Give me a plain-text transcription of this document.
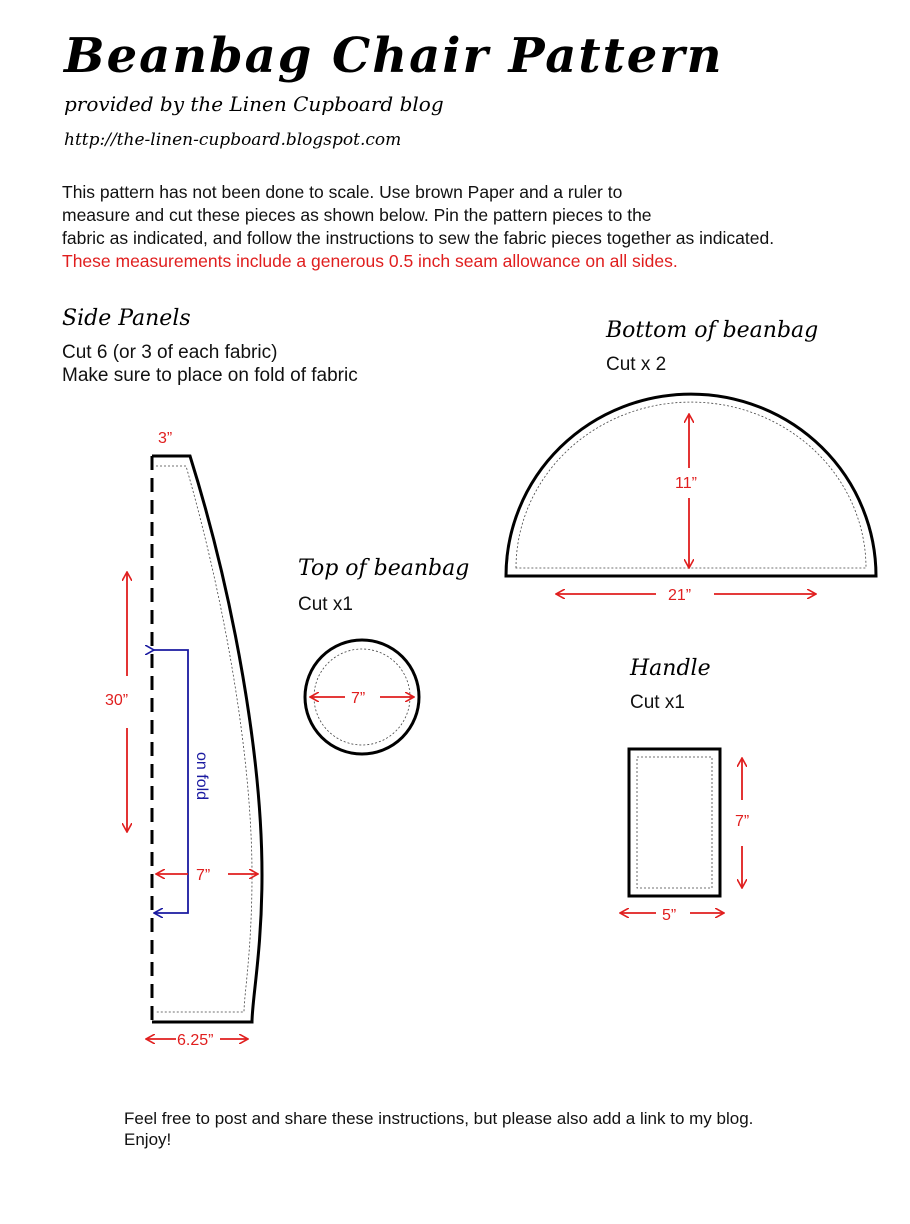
Beanbag Chair Pattern
provided by the Linen Cupboard blog
http://the-linen-cupboard.blogspot.com
This pattern has not been done to scale. Use brown Paper and a ruler to
measure and cut these pieces as shown below. Pin the pattern pieces to the
fabric as indicated, and follow the instructions to sew the fabric pieces together as indicated.
These measurements include a generous 0.5 inch seam allowance on all sides.
Side Panels
Cut 6 (or 3 of each fabric)
Make sure to place on fold of fabric
Bottom of beanbag
Cut x 2
Top of beanbag
Cut x1
Handle
Cut x1
3”
30”
on fold
7”
6.25”
11”
21”
7”
7”
5”
Feel free to post and share these instructions, but please also add a link to my blog.
Enjoy!
